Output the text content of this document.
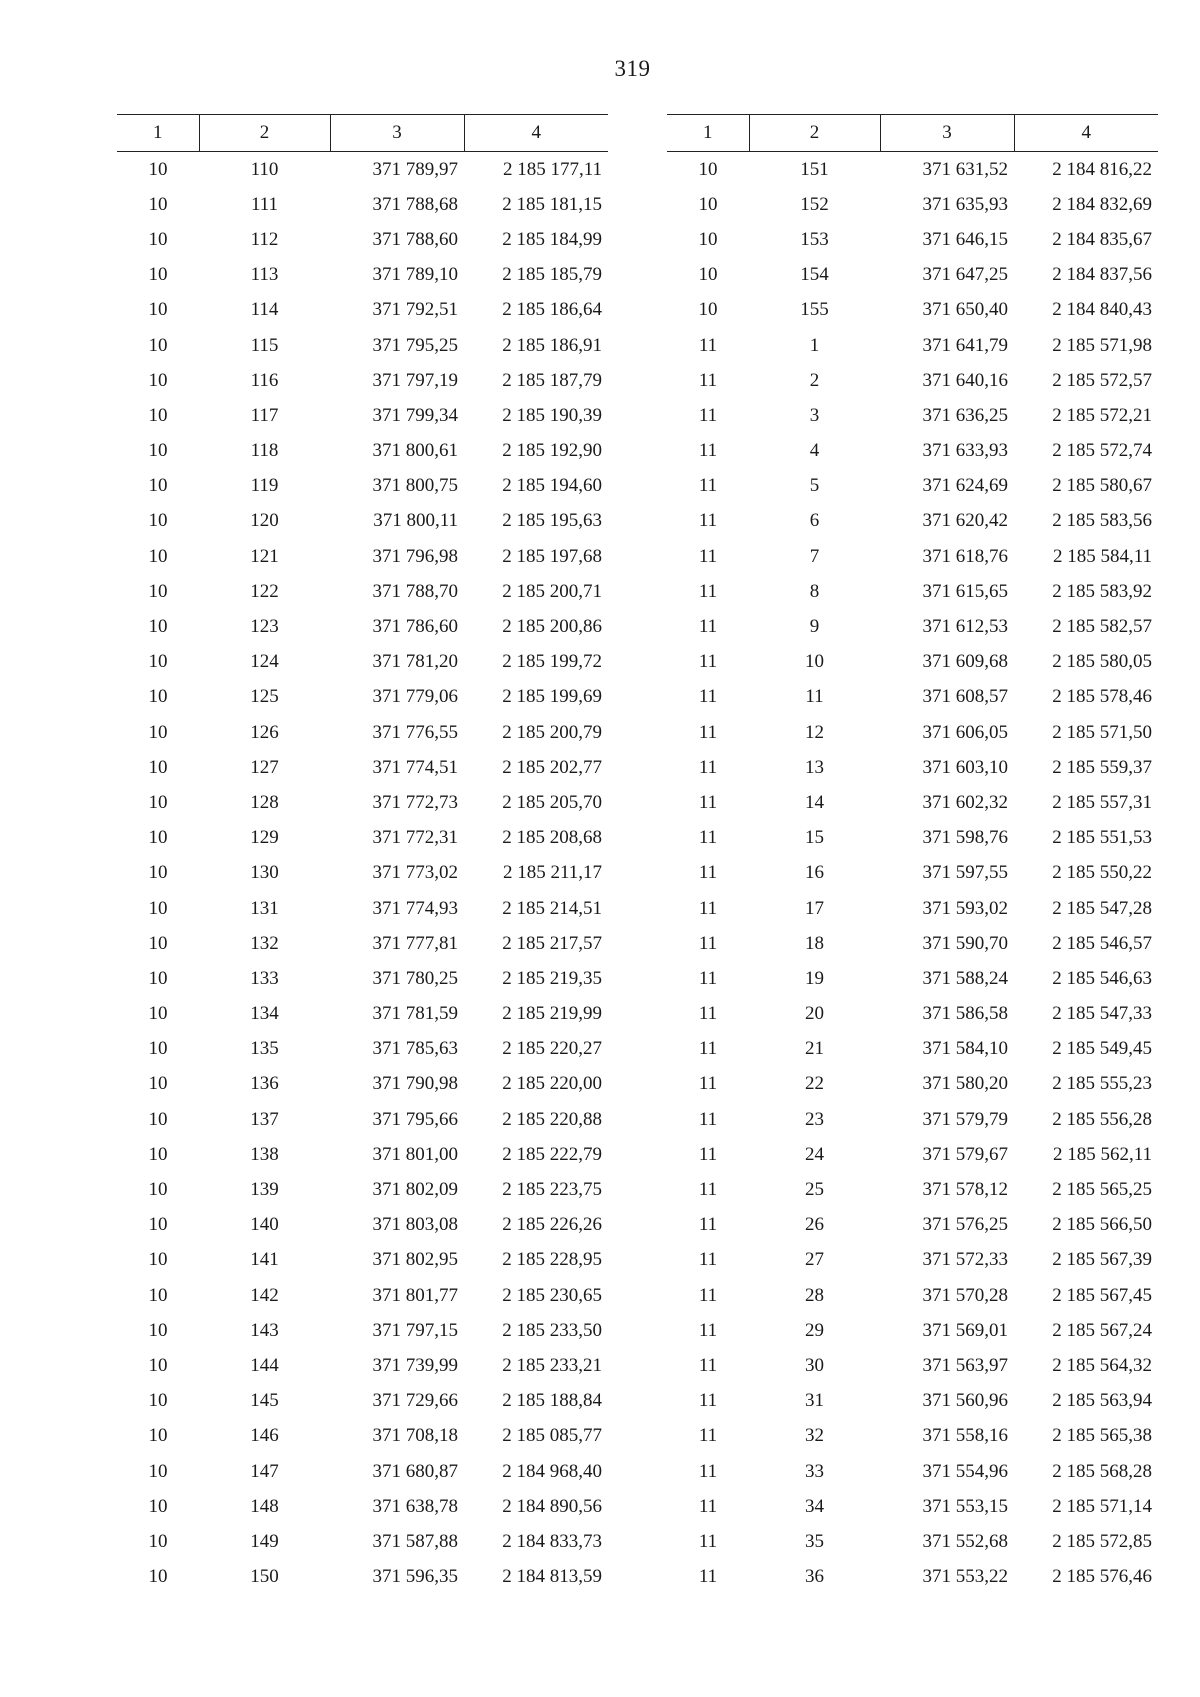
319
1	2	3	4
10	110	371 789,97	2 185 177,11
10	111	371 788,68	2 185 181,15
10	112	371 788,60	2 185 184,99
10	113	371 789,10	2 185 185,79
10	114	371 792,51	2 185 186,64
10	115	371 795,25	2 185 186,91
10	116	371 797,19	2 185 187,79
10	117	371 799,34	2 185 190,39
10	118	371 800,61	2 185 192,90
10	119	371 800,75	2 185 194,60
10	120	371 800,11	2 185 195,63
10	121	371 796,98	2 185 197,68
10	122	371 788,70	2 185 200,71
10	123	371 786,60	2 185 200,86
10	124	371 781,20	2 185 199,72
10	125	371 779,06	2 185 199,69
10	126	371 776,55	2 185 200,79
10	127	371 774,51	2 185 202,77
10	128	371 772,73	2 185 205,70
10	129	371 772,31	2 185 208,68
10	130	371 773,02	2 185 211,17
10	131	371 774,93	2 185 214,51
10	132	371 777,81	2 185 217,57
10	133	371 780,25	2 185 219,35
10	134	371 781,59	2 185 219,99
10	135	371 785,63	2 185 220,27
10	136	371 790,98	2 185 220,00
10	137	371 795,66	2 185 220,88
10	138	371 801,00	2 185 222,79
10	139	371 802,09	2 185 223,75
10	140	371 803,08	2 185 226,26
10	141	371 802,95	2 185 228,95
10	142	371 801,77	2 185 230,65
10	143	371 797,15	2 185 233,50
10	144	371 739,99	2 185 233,21
10	145	371 729,66	2 185 188,84
10	146	371 708,18	2 185 085,77
10	147	371 680,87	2 184 968,40
10	148	371 638,78	2 184 890,56
10	149	371 587,88	2 184 833,73
10	150	371 596,35	2 184 813,59
1	2	3	4
10	151	371 631,52	2 184 816,22
10	152	371 635,93	2 184 832,69
10	153	371 646,15	2 184 835,67
10	154	371 647,25	2 184 837,56
10	155	371 650,40	2 184 840,43
11	1	371 641,79	2 185 571,98
11	2	371 640,16	2 185 572,57
11	3	371 636,25	2 185 572,21
11	4	371 633,93	2 185 572,74
11	5	371 624,69	2 185 580,67
11	6	371 620,42	2 185 583,56
11	7	371 618,76	2 185 584,11
11	8	371 615,65	2 185 583,92
11	9	371 612,53	2 185 582,57
11	10	371 609,68	2 185 580,05
11	11	371 608,57	2 185 578,46
11	12	371 606,05	2 185 571,50
11	13	371 603,10	2 185 559,37
11	14	371 602,32	2 185 557,31
11	15	371 598,76	2 185 551,53
11	16	371 597,55	2 185 550,22
11	17	371 593,02	2 185 547,28
11	18	371 590,70	2 185 546,57
11	19	371 588,24	2 185 546,63
11	20	371 586,58	2 185 547,33
11	21	371 584,10	2 185 549,45
11	22	371 580,20	2 185 555,23
11	23	371 579,79	2 185 556,28
11	24	371 579,67	2 185 562,11
11	25	371 578,12	2 185 565,25
11	26	371 576,25	2 185 566,50
11	27	371 572,33	2 185 567,39
11	28	371 570,28	2 185 567,45
11	29	371 569,01	2 185 567,24
11	30	371 563,97	2 185 564,32
11	31	371 560,96	2 185 563,94
11	32	371 558,16	2 185 565,38
11	33	371 554,96	2 185 568,28
11	34	371 553,15	2 185 571,14
11	35	371 552,68	2 185 572,85
11	36	371 553,22	2 185 576,46
